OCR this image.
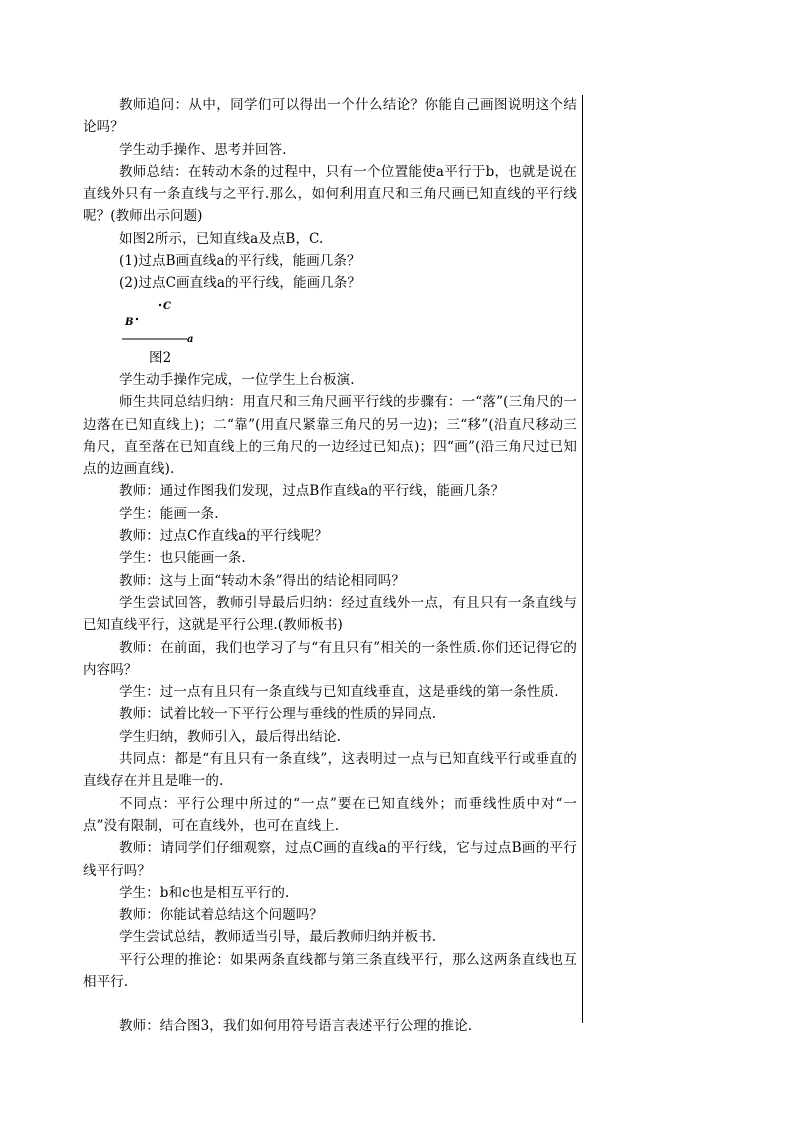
教师追问：从中，同学们可以得出一个什么结论？你能自己画图说明这个结论吗？

学生动手操作、思考并回答.

教师总结：在转动木条的过程中，只有一个位置能使a平行于b，也就是说在直线外只有一条直线与之平行.那么，如何利用直尺和三角尺画已知直线的平行线呢？(教师出示问题)

如图2所示，已知直线a及点B，C.

(1)过点B画直线a的平行线，能画几条？

(2)过点C画直线a的平行线，能画几条？

C
B
a

图2

学生动手操作完成，一位学生上台板演.

师生共同总结归纳：用直尺和三角尺画平行线的步骤有：一“落”(三角尺的一边落在已知直线上)；二“靠”(用直尺紧靠三角尺的另一边)；三“移”(沿直尺移动三角尺，直至落在已知直线上的三角尺的一边经过已知点)；四“画”(沿三角尺过已知点的边画直线).

教师：通过作图我们发现，过点B作直线a的平行线，能画几条？

学生：能画一条.

教师：过点C作直线a的平行线呢？

学生：也只能画一条.

教师：这与上面“转动木条”得出的结论相同吗？

学生尝试回答，教师引导最后归纳：经过直线外一点，有且只有一条直线与已知直线平行，这就是平行公理.(教师板书)

教师：在前面，我们也学习了与“有且只有”相关的一条性质.你们还记得它的内容吗？

学生：过一点有且只有一条直线与已知直线垂直，这是垂线的第一条性质.

教师：试着比较一下平行公理与垂线的性质的异同点.

学生归纳，教师引入，最后得出结论.

共同点：都是“有且只有一条直线”，这表明过一点与已知直线平行或垂直的直线存在并且是唯一的.

不同点：平行公理中所过的“一点”要在已知直线外；而垂线性质中对“一点”没有限制，可在直线外，也可在直线上.

教师：请同学们仔细观察，过点C画的直线a的平行线，它与过点B画的平行线平行吗？

学生：b和c也是相互平行的.

教师：你能试着总结这个问题吗？

学生尝试总结，教师适当引导，最后教师归纳并板书.

平行公理的推论：如果两条直线都与第三条直线平行，那么这两条直线也互相平行.

教师：结合图3，我们如何用符号语言表述平行公理的推论.
